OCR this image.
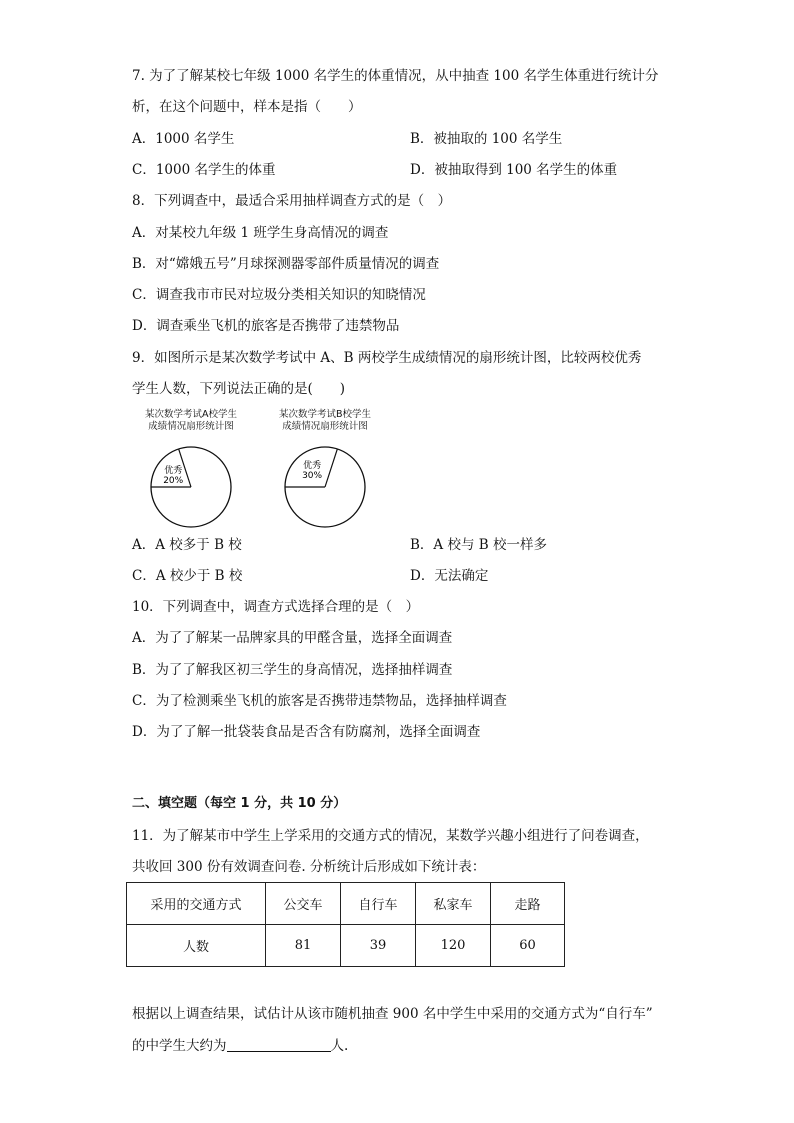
7. 为了了解某校七年级 1000 名学生的体重情况，从中抽查 100 名学生体重进行统计分
析，在这个问题中，样本是指（　　）
A．1000 名学生	B．被抽取的 100 名学生
C．1000 名学生的体重	D．被抽取得到 100 名学生的体重
8．下列调查中，最适合采用抽样调查方式的是（　）
A．对某校九年级 1 班学生身高情况的调查
B．对“嫦娥五号”月球探测器零部件质量情况的调查
C．调查我市市民对垃圾分类相关知识的知晓情况
D．调查乘坐飞机的旅客是否携带了违禁物品
9．如图所示是某次数学考试中 A、B 两校学生成绩情况的扇形统计图，比较两校优秀
学生人数，下列说法正确的是(　　)
某次数学考试A校学生
成绩情况扇形统计图
优秀
20%
某次数学考试B校学生
成绩情况扇形统计图
优秀
30%
A．A 校多于 B 校	B．A 校与 B 校一样多
C．A 校少于 B 校	D．无法确定
10．下列调查中，调查方式选择合理的是（　）
A．为了了解某一品牌家具的甲醛含量，选择全面调查
B．为了了解我区初三学生的身高情况，选择抽样调查
C．为了检测乘坐飞机的旅客是否携带违禁物品，选择抽样调查
D．为了了解一批袋装食品是否含有防腐剂，选择全面调查
二、填空题（每空 1 分，共 10 分）
11．为了解某市中学生上学采用的交通方式的情况，某数学兴趣小组进行了问卷调查，
共收回 300 份有效调查问卷. 分析统计后形成如下统计表：
采用的交通方式	公交车	自行车	私家车	走路
人数	81	39	120	60
根据以上调查结果，试估计从该市随机抽查 900 名中学生中采用的交通方式为“自行车”
的中学生大约为	人.
